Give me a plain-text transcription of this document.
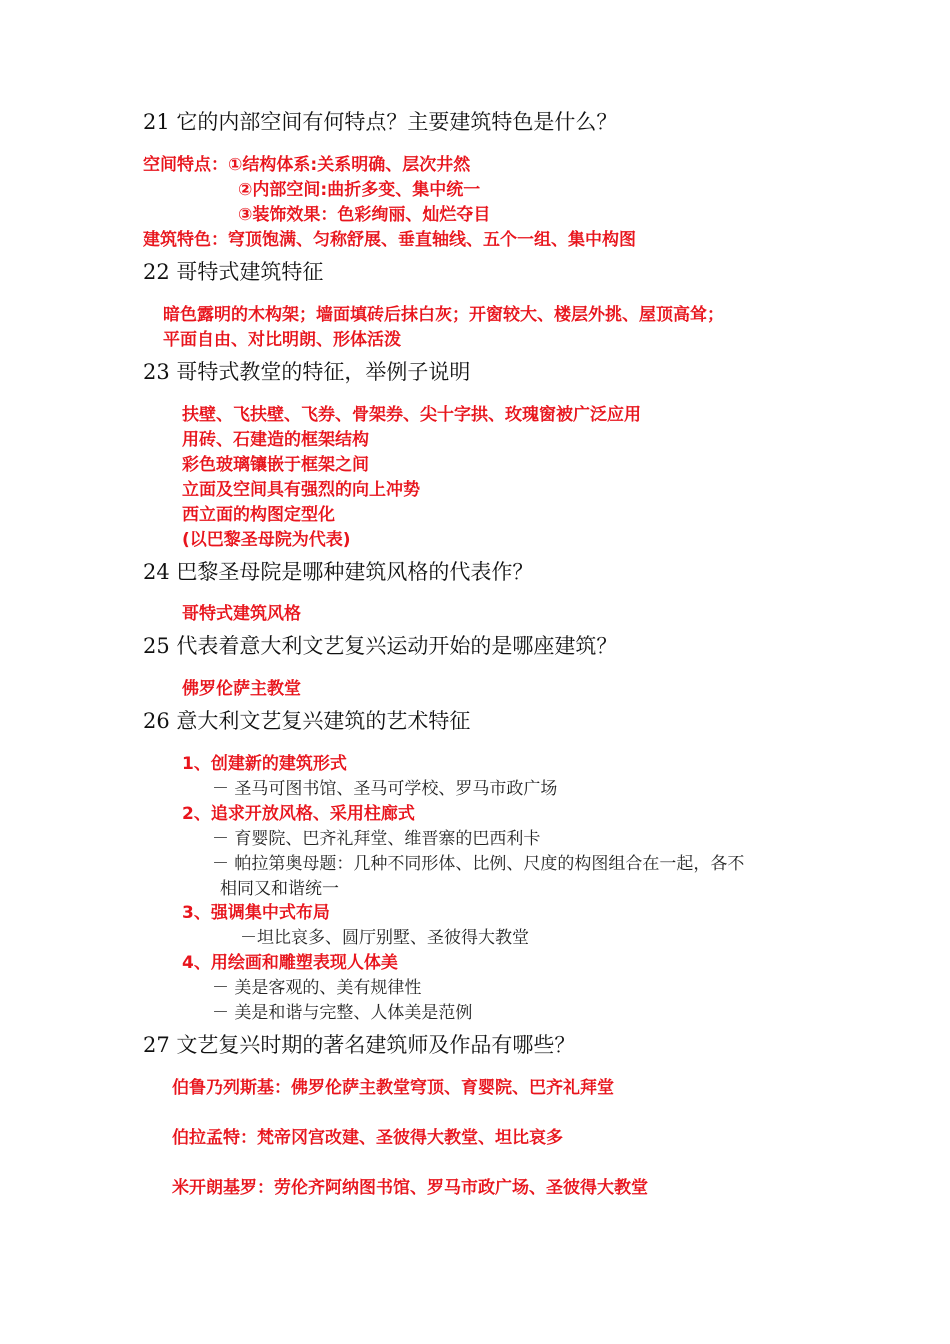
21 它的内部空间有何特点？主要建筑特色是什么？
空间特点：①结构体系:关系明确、层次井然
②内部空间:曲折多变、集中统一
③装饰效果：色彩绚丽、灿烂夺目
建筑特色：穹顶饱满、匀称舒展、垂直轴线、五个一组、集中构图
22 哥特式建筑特征
暗色露明的木构架；墙面填砖后抹白灰；开窗较大、楼层外挑、屋顶高耸；
平面自由、对比明朗、形体活泼
23 哥特式教堂的特征，举例子说明
扶壁、飞扶壁、飞券、骨架券、尖十字拱、玫瑰窗被广泛应用
用砖、石建造的框架结构
彩色玻璃镶嵌于框架之间
立面及空间具有强烈的向上冲势
西立面的构图定型化
(以巴黎圣母院为代表)
24 巴黎圣母院是哪种建筑风格的代表作？
哥特式建筑风格
25 代表着意大利文艺复兴运动开始的是哪座建筑？
佛罗伦萨主教堂
26 意大利文艺复兴建筑的艺术特征
1、创建新的建筑形式
－ 圣马可图书馆、圣马可学校、罗马市政广场
2、追求开放风格、采用柱廊式
－ 育婴院、巴齐礼拜堂、维晋寨的巴西利卡
－ 帕拉第奥母题：几种不同形体、比例、尺度的构图组合在一起，各不
相同又和谐统一
3、强调集中式布局
－坦比哀多、圆厅别墅、圣彼得大教堂
4、用绘画和雕塑表现人体美
－ 美是客观的、美有规律性
－ 美是和谐与完整、人体美是范例
27 文艺复兴时期的著名建筑师及作品有哪些？
伯鲁乃列斯基：佛罗伦萨主教堂穹顶、育婴院、巴齐礼拜堂
伯拉孟特：梵帝冈宫改建、圣彼得大教堂、坦比哀多
米开朗基罗：劳伦齐阿纳图书馆、罗马市政广场、圣彼得大教堂
